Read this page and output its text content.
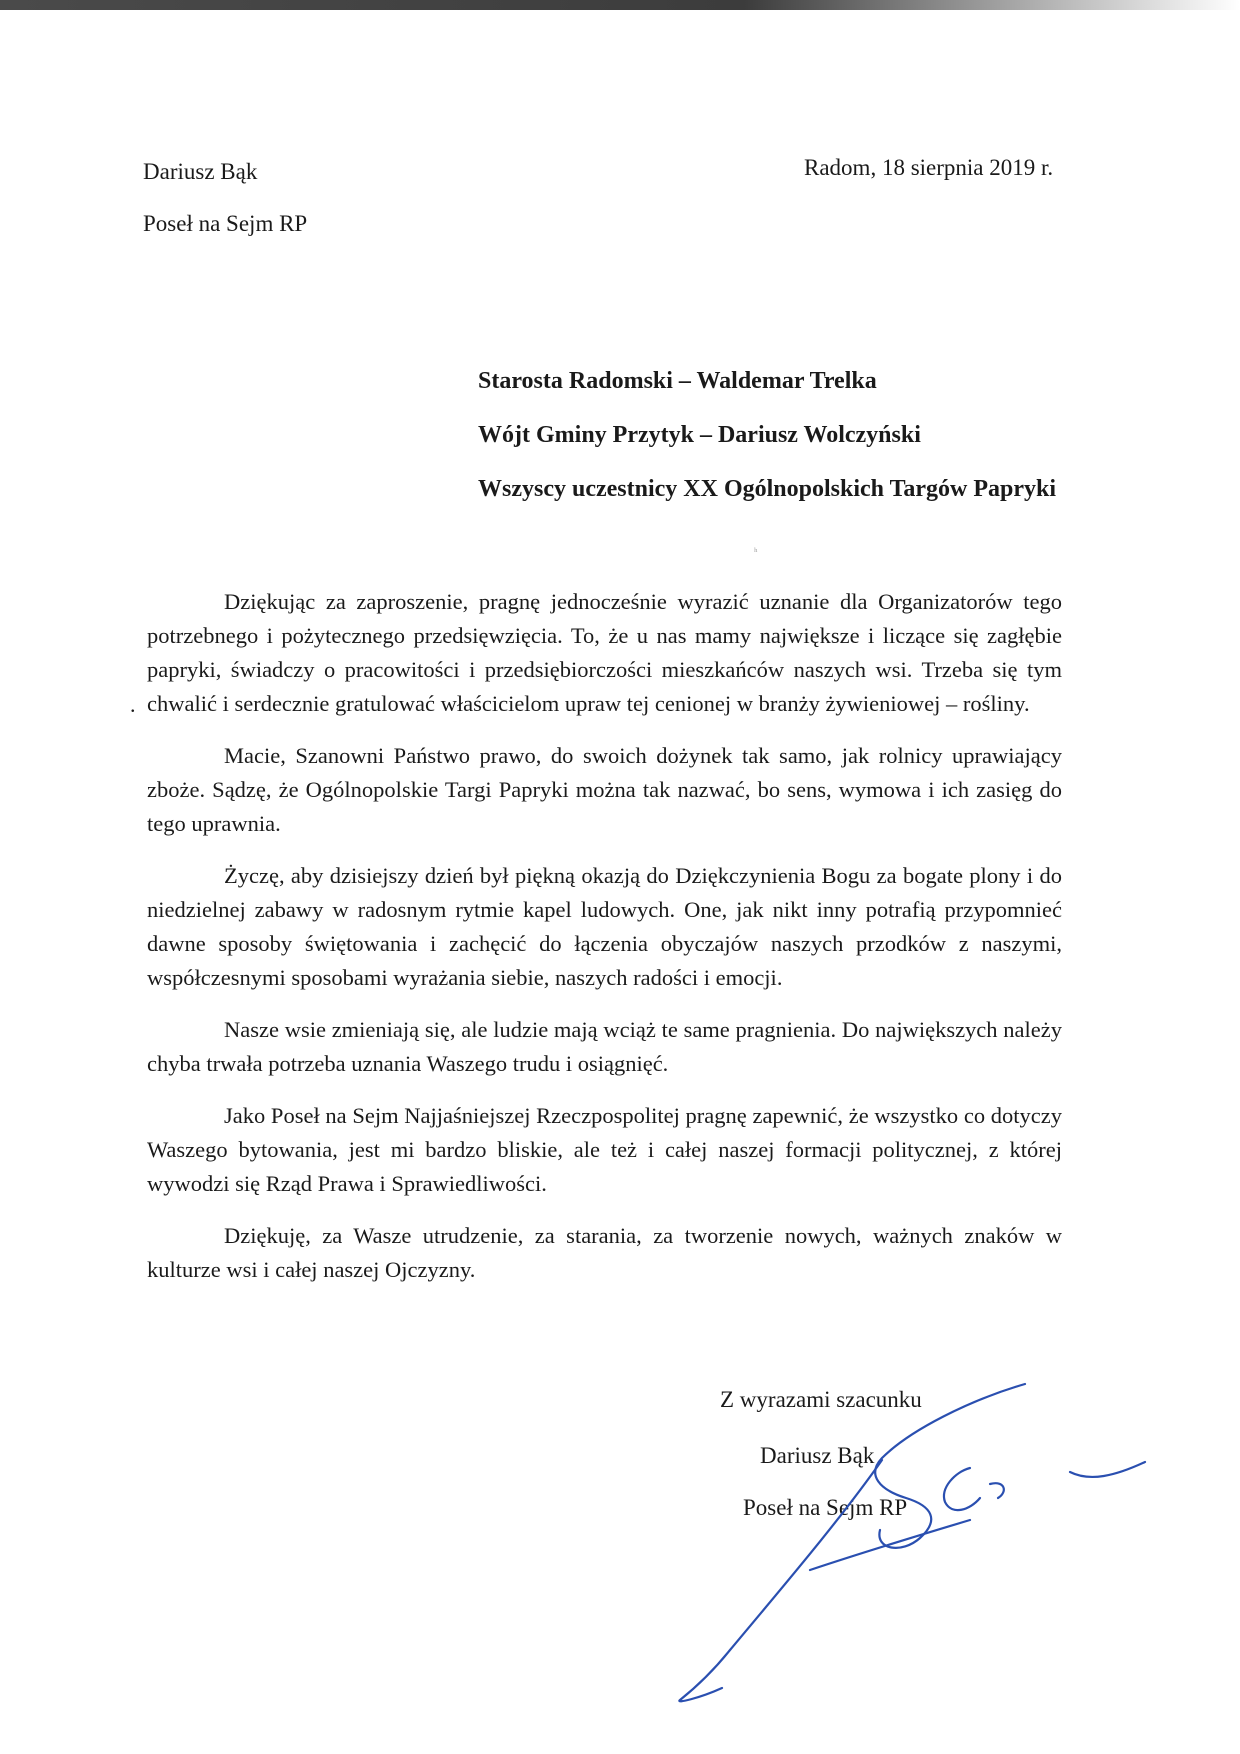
Dariusz Bąk
Poseł na Sejm RP
Radom, 18 sierpnia 2019 r.

Starosta Radomski – Waldemar Trelka

Wójt Gminy Przytyk – Dariusz Wolczyński

Wszyscy uczestnicy XX Ogólnopolskich Targów Papryki

ʰ
.

Dziękując za zaproszenie, pragnę jednocześnie wyrazić uznanie dla Organizatorów tego potrzebnego i pożytecznego przedsięwzięcia. To, że u nas mamy największe i liczące się zagłębie papryki, świadczy o pracowitości i przedsiębiorczości mieszkańców naszych wsi. Trzeba się tym chwalić i serdecznie gratulować właścicielom upraw tej cenionej w branży żywieniowej – rośliny.

Macie, Szanowni Państwo prawo, do swoich dożynek tak samo, jak rolnicy uprawiający zboże. Sądzę, że Ogólnopolskie Targi Papryki można tak nazwać, bo sens, wymowa i ich zasięg do tego uprawnia.

Życzę, aby dzisiejszy dzień był piękną okazją do Dziękczynienia Bogu za bogate plony i do niedzielnej zabawy w radosnym rytmie kapel ludowych. One, jak nikt inny potrafią przypomnieć dawne sposoby świętowania i zachęcić do łączenia obyczajów naszych przodków z naszymi, współczesnymi sposobami wyrażania siebie, naszych radości i emocji.

Nasze wsie zmieniają się, ale ludzie mają wciąż te same pragnienia. Do największych należy chyba trwała potrzeba uznania Waszego trudu i osiągnięć.

Jako Poseł na Sejm Najjaśniejszej Rzeczpospolitej pragnę zapewnić, że wszystko co dotyczy Waszego bytowania, jest mi bardzo bliskie, ale też i całej naszej formacji politycznej, z której wywodzi się Rząd Prawa i Sprawiedliwości.

Dziękuję, za Wasze utrudzenie, za starania, za tworzenie nowych, ważnych znaków w kulturze wsi i całej naszej Ojczyzny.

Z wyrazami szacunku
Dariusz Bąk
Poseł na Sejm RP
